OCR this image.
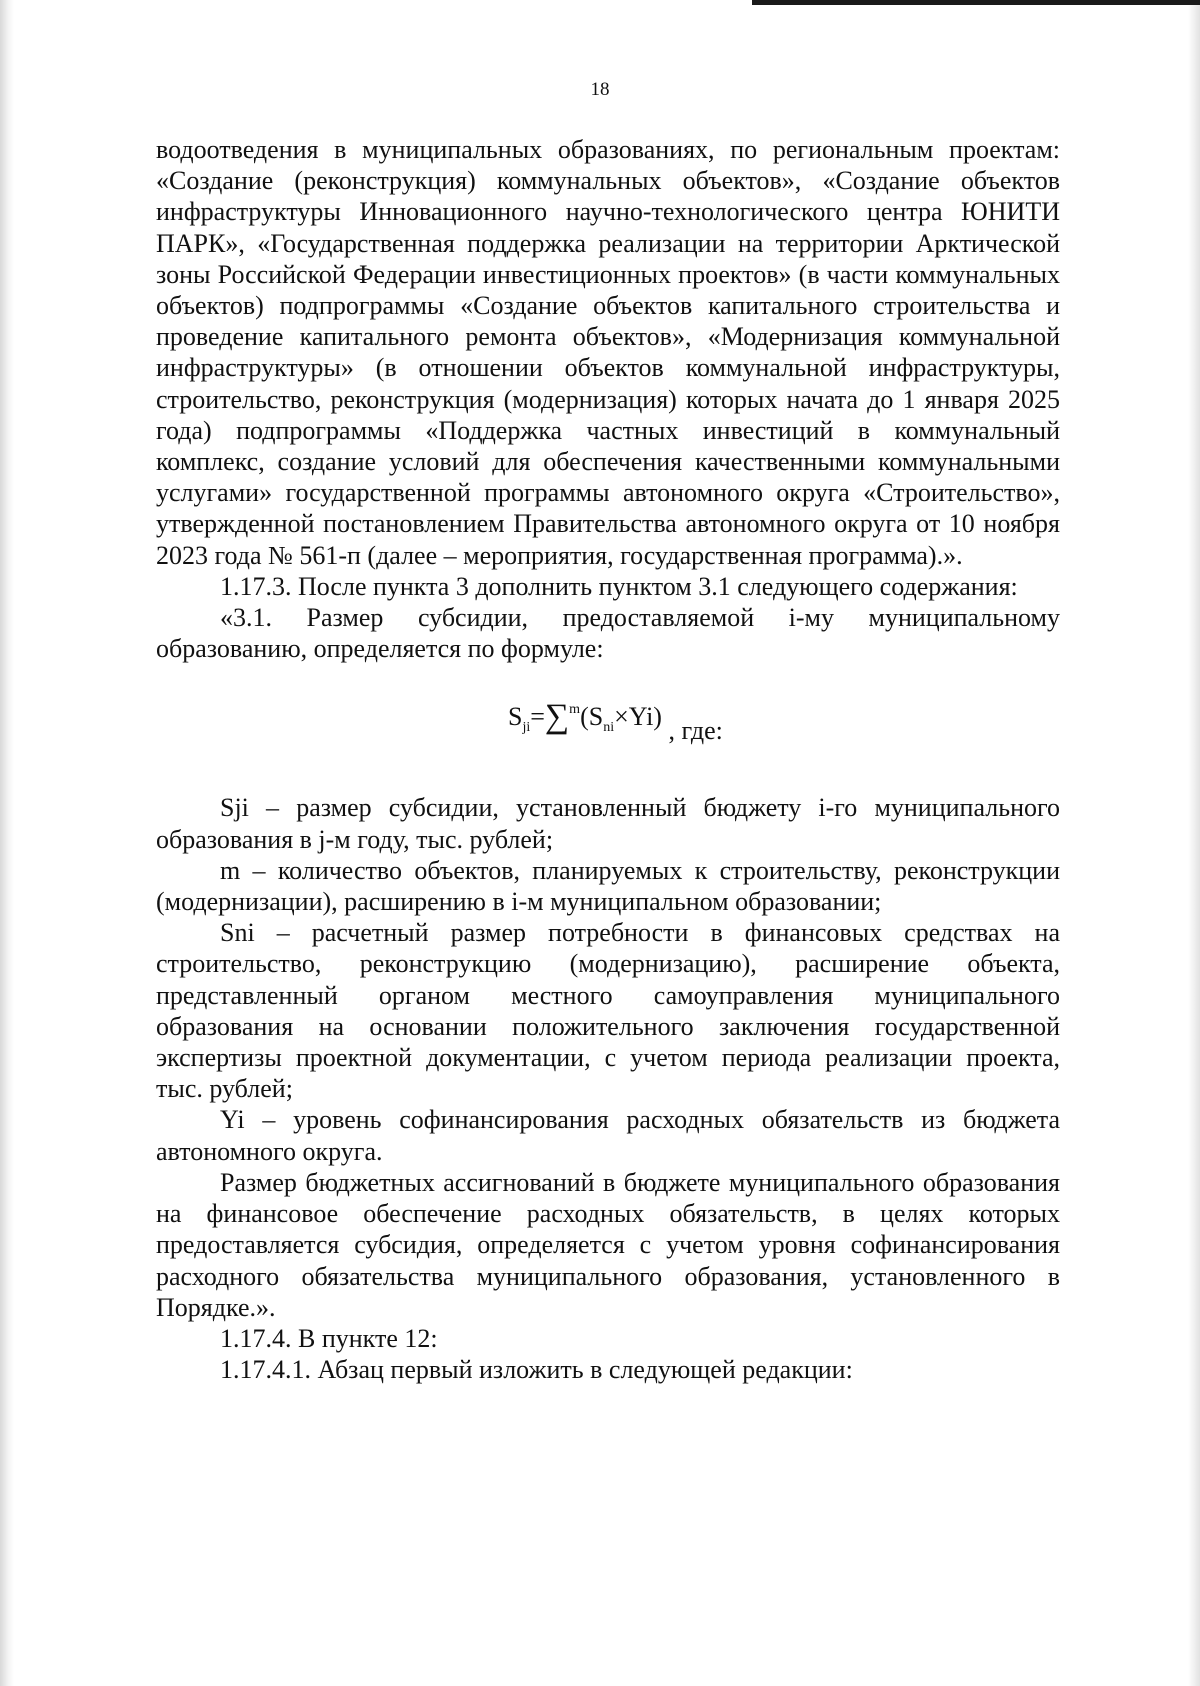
18

водоотведения в муниципальных образованиях, по региональным проектам: «Создание (реконструкция) коммунальных объектов», «Создание объектов инфраструктуры Инновационного научно-технологического центра ЮНИТИ ПАРК», «Государственная поддержка реализации на территории Арктической зоны Российской Федерации инвестиционных проектов» (в части коммунальных объектов) подпрограммы «Создание объектов капитального строительства и проведение капитального ремонта объектов», «Модернизация коммунальной инфраструктуры» (в отношении объектов коммунальной инфраструктуры, строительство, реконструкция (модернизация) которых начата до 1 января 2025 года) подпрограммы «Поддержка частных инвестиций в коммунальный комплекс, создание условий для обеспечения качественными коммунальными услугами» государственной программы автономного округа «Строительство», утвержденной постановлением Правительства автономного округа от 10 ноября 2023 года № 561-п (далее – мероприятия, государственная программа).».

1.17.3. После пункта 3 дополнить пунктом 3.1 следующего содержания:

«3.1. Размер субсидии, предоставляемой i-му муниципальному образованию, определяется по формуле:

$S_{ji}=\sum^m(S_{ni}\times Yi)$ , где:

Sji – размер субсидии, установленный бюджету i-го муниципального образования в j-м году, тыс. рублей;

m – количество объектов, планируемых к строительству, реконструкции (модернизации), расширению в i-м муниципальном образовании;

Sni – расчетный размер потребности в финансовых средствах на строительство, реконструкцию (модернизацию), расширение объекта, представленный органом местного самоуправления муниципального образования на основании положительного заключения государственной экспертизы проектной документации, с учетом периода реализации проекта, тыс. рублей;

Yi – уровень софинансирования расходных обязательств из бюджета автономного округа.

Размер бюджетных ассигнований в бюджете муниципального образования на финансовое обеспечение расходных обязательств, в целях которых предоставляется субсидия, определяется с учетом уровня софинансирования расходного обязательства муниципального образования, установленного в Порядке.».

1.17.4. В пункте 12:

1.17.4.1. Абзац первый изложить в следующей редакции:
